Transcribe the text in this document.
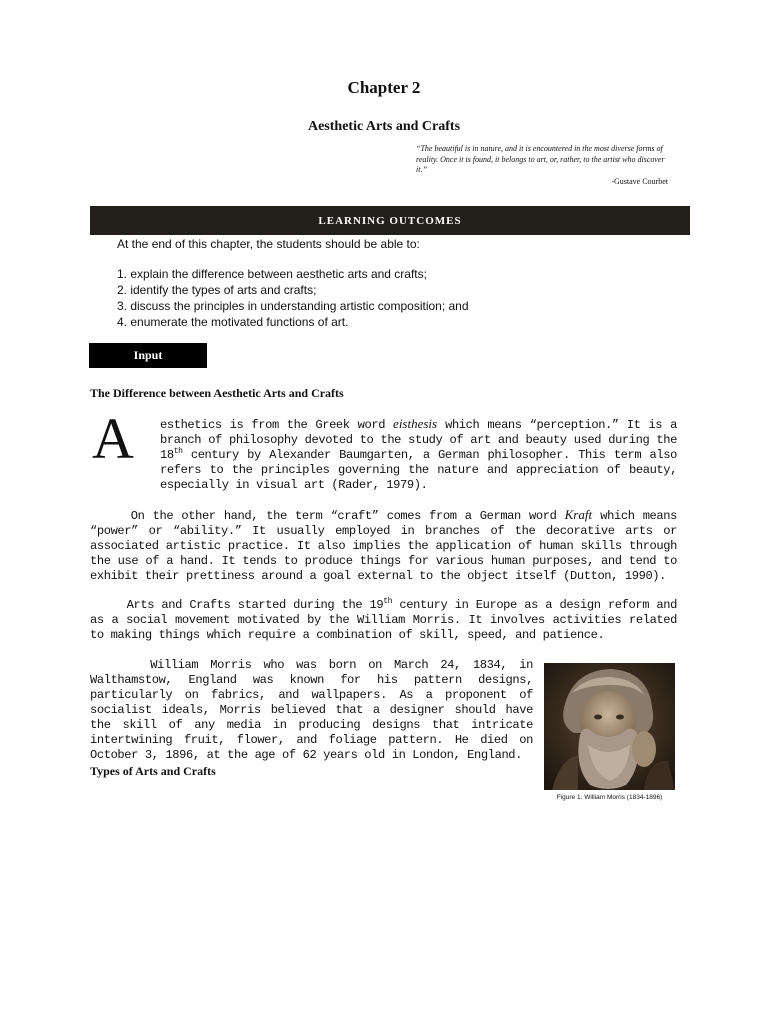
Chapter 2
Aesthetic Arts and Crafts
“The beautiful is in nature, and it is encountered in the most diverse forms of reality. Once it is found, it belongs to art, or, rather, to the artist who discover it.”
-Gustave Courbet
LEARNING OUTCOMES
At the end of this chapter, the students should be able to:
1. explain the difference between aesthetic arts and crafts;
2. identify the types of arts and crafts;
3. discuss the principles in understanding artistic composition; and
4. enumerate the motivated functions of art.
Input
The Difference between Aesthetic Arts and Crafts
A	esthetics is from the Greek word eisthesis which means “perception.” It is a branch of philosophy devoted to the study of art and beauty used during the 18th century by Alexander Baumgarten, a German philosopher. This term also refers to the principles governing the nature and appreciation of beauty, especially in visual art (Rader, 1979).
On the other hand, the term “craft” comes from a German word Kraft which means “power” or “ability.” It usually employed in branches of the decorative arts or associated artistic practice. It also implies the application of human skills through the use of a hand. It tends to produce things for various human purposes, and tend to exhibit their prettiness around a goal external to the object itself (Dutton, 1990).
Arts and Crafts started during the 19th century in Europe as a design reform and as a social movement motivated by the William Morris. It involves activities related to making things which require a combination of skill, speed, and patience.
William Morris who was born on March 24, 1834, in Walthamstow, England was known for his pattern designs, particularly on fabrics, and wallpapers. As a proponent of socialist ideals, Morris believed that a designer should have the skill of any media in producing designs that intricate intertwining fruit, flower, and foliage pattern. He died on October 3, 1896, at the age of 62 years old in London, England.
Figure 1. William Morris (1834-1896)
Types of Arts and Crafts
